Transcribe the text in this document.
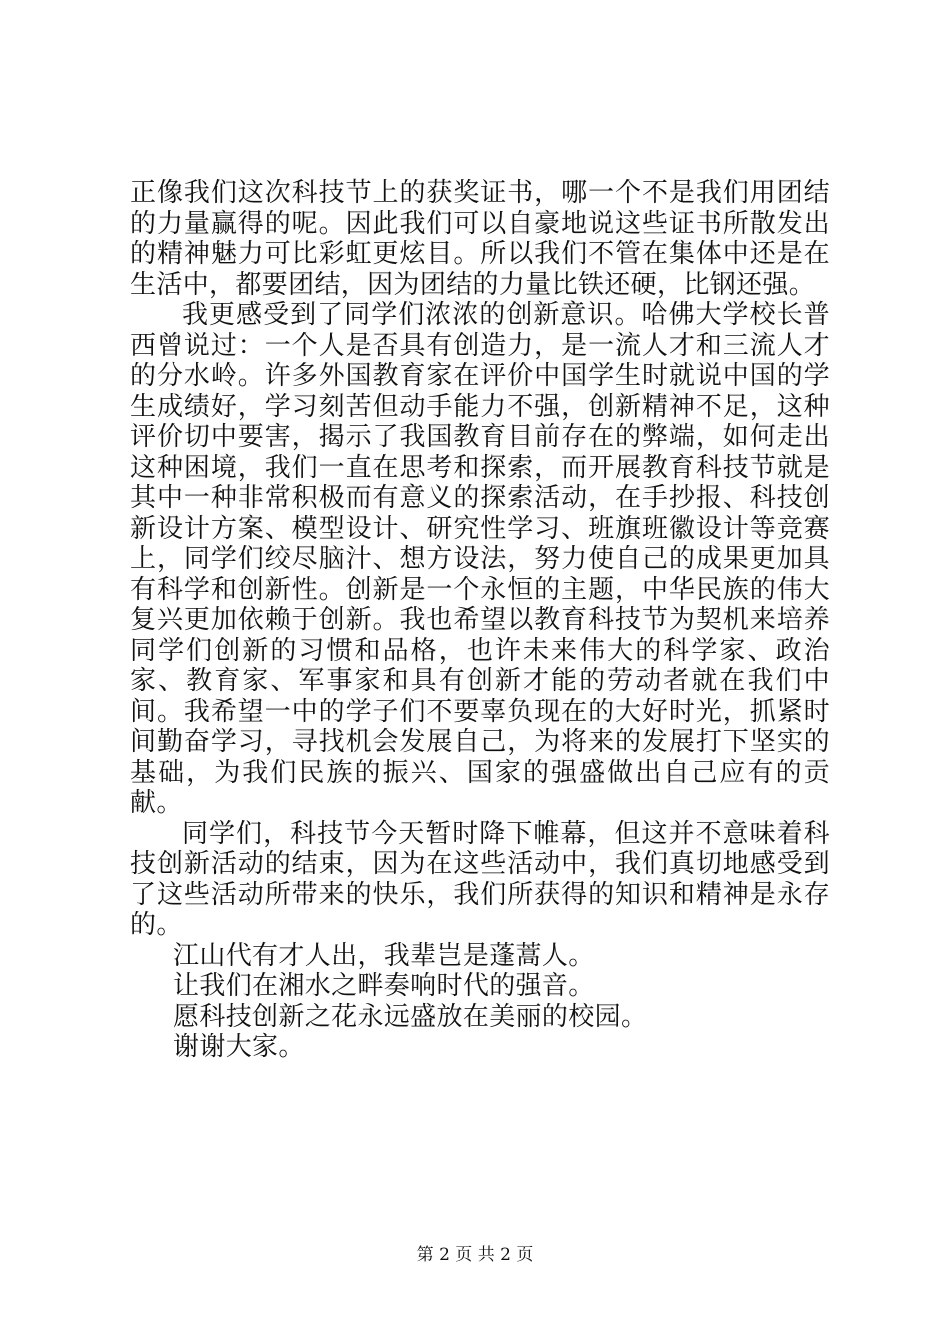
正像我们这次科技节上的获奖证书，哪一个不是我们用团结的力量赢得的呢。因此我们可以自豪地说这些证书所散发出的精神魅力可比彩虹更炫目。所以我们不管在集体中还是在生活中，都要团结，因为团结的力量比铁还硬，比钢还强。

我更感受到了同学们浓浓的创新意识。哈佛大学校长普西曾说过：一个人是否具有创造力，是一流人才和三流人才的分水岭。许多外国教育家在评价中国学生时就说中国的学生成绩好，学习刻苦但动手能力不强，创新精神不足，这种评价切中要害，揭示了我国教育目前存在的弊端，如何走出这种困境，我们一直在思考和探索，而开展教育科技节就是其中一种非常积极而有意义的探索活动，在手抄报、科技创新设计方案、模型设计、研究性学习、班旗班徽设计等竞赛上，同学们绞尽脑汁、想方设法，努力使自己的成果更加具有科学和创新性。创新是一个永恒的主题，中华民族的伟大复兴更加依赖于创新。我也希望以教育科技节为契机来培养同学们创新的习惯和品格，也许未来伟大的科学家、政治家、教育家、军事家和具有创新才能的劳动者就在我们中间。我希望一中的学子们不要辜负现在的大好时光，抓紧时间勤奋学习，寻找机会发展自己，为将来的发展打下坚实的基础，为我们民族的振兴、国家的强盛做出自己应有的贡献。

同学们，科技节今天暂时降下帷幕，但这并不意味着科技创新活动的结束，因为在这些活动中，我们真切地感受到了这些活动所带来的快乐，我们所获得的知识和精神是永存的。

江山代有才人出，我辈岂是蓬蒿人。

让我们在湘水之畔奏响时代的强音。

愿科技创新之花永远盛放在美丽的校园。

谢谢大家。

第 2 页 共 2 页
